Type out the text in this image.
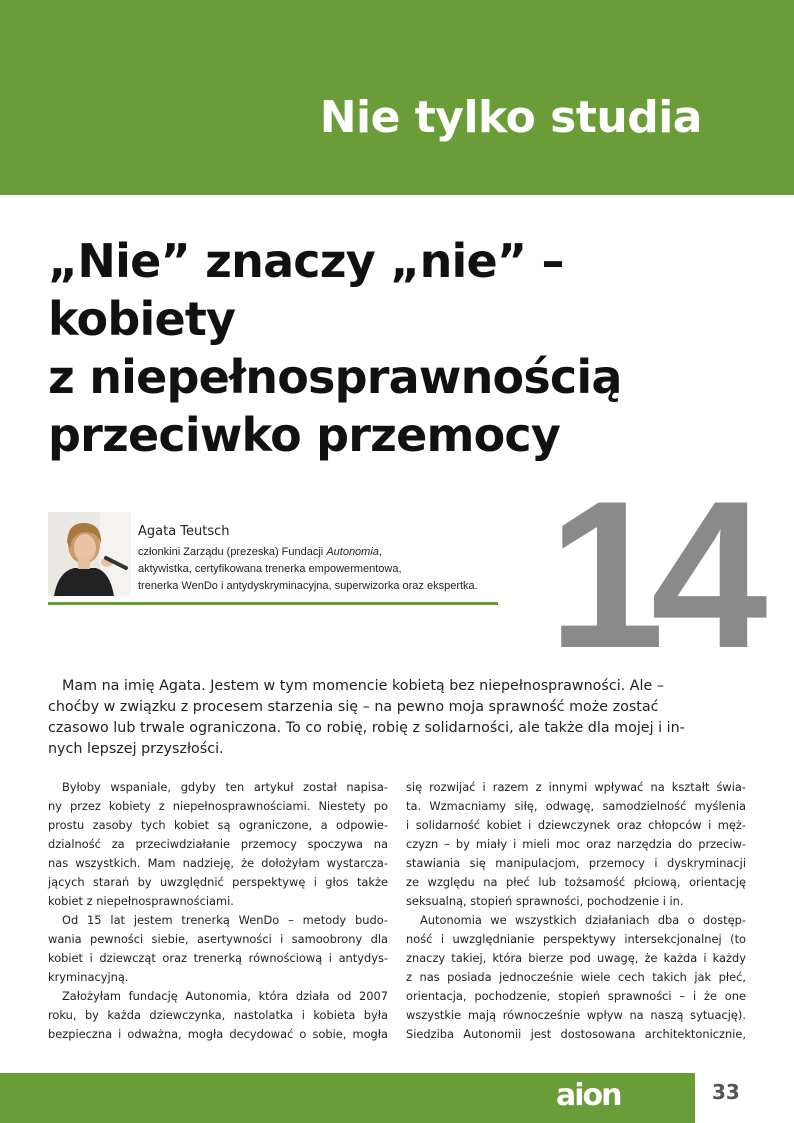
Nie tylko studia
„Nie” znaczy „nie” –
kobiety
z niepełnosprawnością
przeciwko przemocy
Agata Teutsch
członkini Zarządu (prezeska) Fundacji Autonomia,
aktywistka, certyfikowana trenerka empowermentowa,
trenerka WenDo i antydyskryminacyjna, superwizorka oraz ekspertka. 14
Mam na imię Agata. Jestem w tym momencie kobietą bez niepełnosprawności. Ale –
choćby w związku z procesem starzenia się – na pewno moja sprawność może zostać
czasowo lub trwale ograniczona. To co robię, robię z solidarności, ale także dla mojej i in-
nych lepszej przyszłości.
Byłoby wspaniale, gdyby ten artykuł został napisa-
ny przez kobiety z niepełnosprawnościami. Niestety po
prostu zasoby tych kobiet są ograniczone, a odpowie-
dzialność za przeciwdziałanie przemocy spoczywa na
nas wszystkich. Mam nadzieję, że dołożyłam wystarcza-
jących starań by uwzględnić perspektywę i głos także
kobiet z niepełnosprawnościami.
Od 15 lat jestem trenerką WenDo – metody budo-
wania pewności siebie, asertywności i samoobrony dla
kobiet i dziewcząt oraz trenerką równościową i antydys-
kryminacyjną.
Założyłam fundację Autonomia, która działa od 2007
roku, by każda dziewczynka, nastolatka i kobieta była
bezpieczna i odważna, mogła decydować o sobie, mogła
się rozwijać i razem z innymi wpływać na kształt świa-
ta. Wzmacniamy siłę, odwagę, samodzielność myślenia
i solidarność kobiet i dziewczynek oraz chłopców i męż-
czyzn – by miały i mieli moc oraz narzędzia do przeciw-
stawiania się manipulacjom, przemocy i dyskryminacji
ze względu na płeć lub tożsamość płciową, orientację
seksualną, stopień sprawności, pochodzenie i in.
Autonomia we wszystkich działaniach dba o dostęp-
ność i uwzględnianie perspektywy intersekcjonalnej (to
znaczy takiej, która bierze pod uwagę, że każda i każdy
z nas posiada jednocześnie wiele cech takich jak płeć,
orientacja, pochodzenie, stopień sprawności – i że one
wszystkie mają równocześnie wpływ na naszą sytuację).
Siedziba Autonomii jest dostosowana architektonicznie,
aion	33
